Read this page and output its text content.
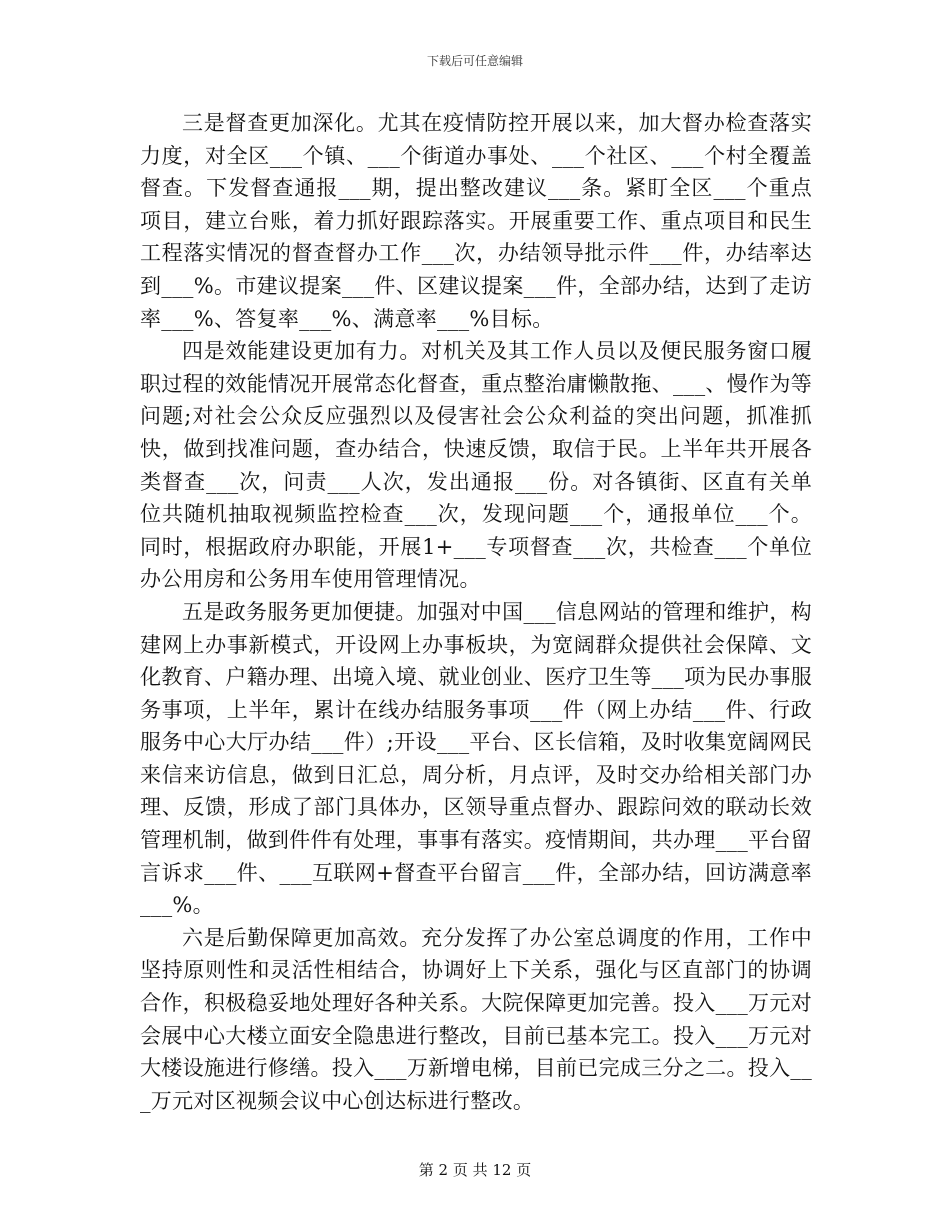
下载后可任意编辑

三是督查更加深化。尤其在疫情防控开展以来，加大督办检查落实力度，对全区___个镇、___个街道办事处、___个社区、___个村全覆盖督查。下发督查通报___期，提出整改建议___条。紧盯全区___个重点项目，建立台账，着力抓好跟踪落实。开展重要工作、重点项目和民生工程落实情况的督查督办工作___次，办结领导批示件___件，办结率达到___%。市建议提案___件、区建议提案___件，全部办结，达到了走访率___%、答复率___%、满意率___%目标。

四是效能建设更加有力。对机关及其工作人员以及便民服务窗口履职过程的效能情况开展常态化督查，重点整治庸懒散拖、___、慢作为等问题;对社会公众反应强烈以及侵害社会公众利益的突出问题，抓准抓快，做到找准问题，查办结合，快速反馈，取信于民。上半年共开展各类督查___次，问责___人次，发出通报___份。对各镇街、区直有关单位共随机抽取视频监控检查___次，发现问题___个，通报单位___个。同时，根据政府办职能，开展1+___专项督查___次，共检查___个单位办公用房和公务用车使用管理情况。

五是政务服务更加便捷。加强对中国___信息网站的管理和维护，构建网上办事新模式，开设网上办事板块，为宽阔群众提供社会保障、文化教育、户籍办理、出境入境、就业创业、医疗卫生等___项为民办事服务事项，上半年，累计在线办结服务事项___件（网上办结___件、行政服务中心大厅办结___件）;开设___平台、区长信箱，及时收集宽阔网民来信来访信息，做到日汇总，周分析，月点评，及时交办给相关部门办理、反馈，形成了部门具体办，区领导重点督办、跟踪问效的联动长效管理机制，做到件件有处理，事事有落实。疫情期间，共办理___平台留言诉求___件、___互联网+督查平台留言___件，全部办结，回访满意率___%。

六是后勤保障更加高效。充分发挥了办公室总调度的作用，工作中坚持原则性和灵活性相结合，协调好上下关系，强化与区直部门的协调合作，积极稳妥地处理好各种关系。大院保障更加完善。投入___万元对会展中心大楼立面安全隐患进行整改，目前已基本完工。投入___万元对大楼设施进行修缮。投入___万新增电梯，目前已完成三分之二。投入___万元对区视频会议中心创达标进行整改。

第 2 页 共 12 页
